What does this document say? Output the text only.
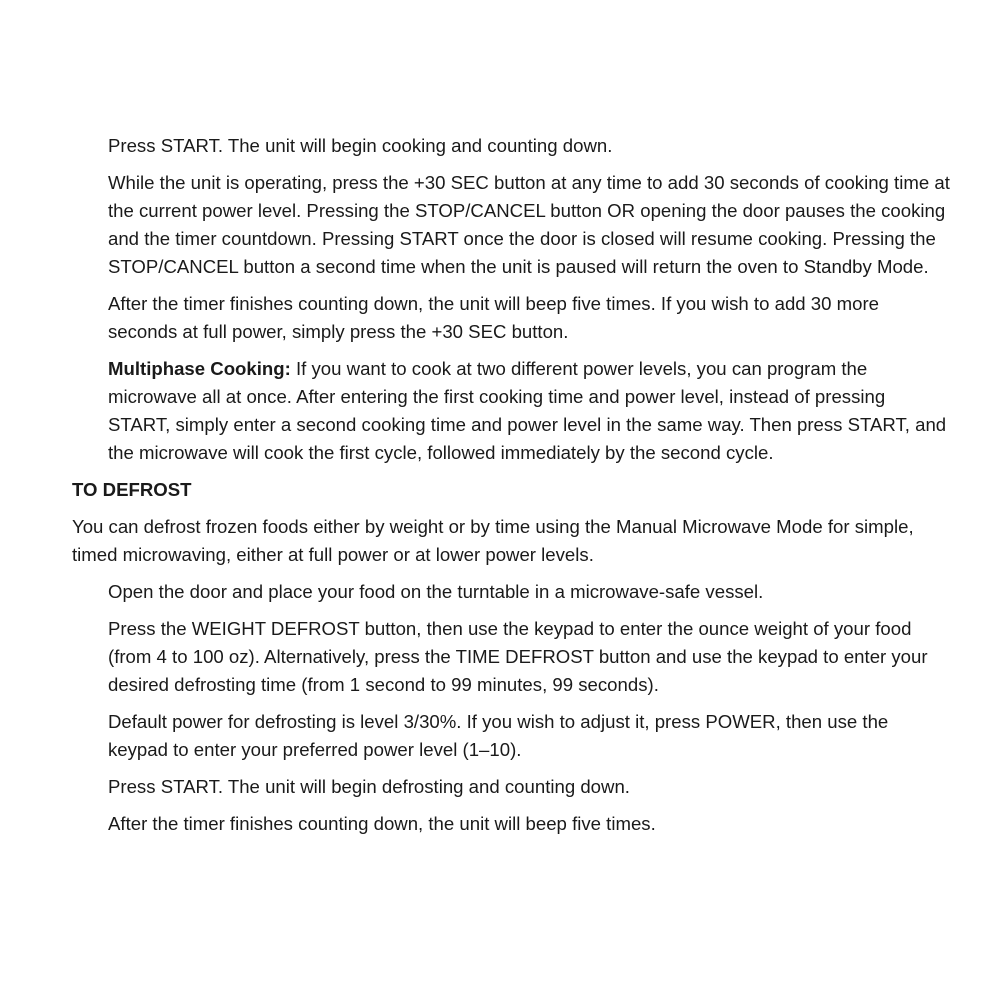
Press START. The unit will begin cooking and counting down.

While the unit is operating, press the +30 SEC button at any time to add 30 seconds of cooking time at the current power level. Pressing the STOP/CANCEL button OR opening the door pauses the cooking and the timer countdown. Pressing START once the door is closed will resume cooking. Pressing the STOP/CANCEL button a second time when the unit is paused will return the oven to Standby Mode.

After the timer finishes counting down, the unit will beep five times. If you wish to add 30 more seconds at full power, simply press the +30 SEC button.

Multiphase Cooking: If you want to cook at two different power levels, you can program the microwave all at once. After entering the first cooking time and power level, instead of pressing START, simply enter a second cooking time and power level in the same way. Then press START, and the microwave will cook the first cycle, followed immediately by the second cycle.

TO DEFROST

You can defrost frozen foods either by weight or by time using the Manual Microwave Mode for simple, timed microwaving, either at full power or at lower power levels.

Open the door and place your food on the turntable in a microwave-safe vessel.

Press the WEIGHT DEFROST button, then use the keypad to enter the ounce weight of your food (from 4 to 100 oz). Alternatively, press the TIME DEFROST button and use the keypad to enter your desired defrosting time (from 1 second to 99 minutes, 99 seconds).

Default power for defrosting is level 3/30%. If you wish to adjust it, press POWER, then use the keypad to enter your preferred power level (1–10).

Press START. The unit will begin defrosting and counting down.

After the timer finishes counting down, the unit will beep five times.
